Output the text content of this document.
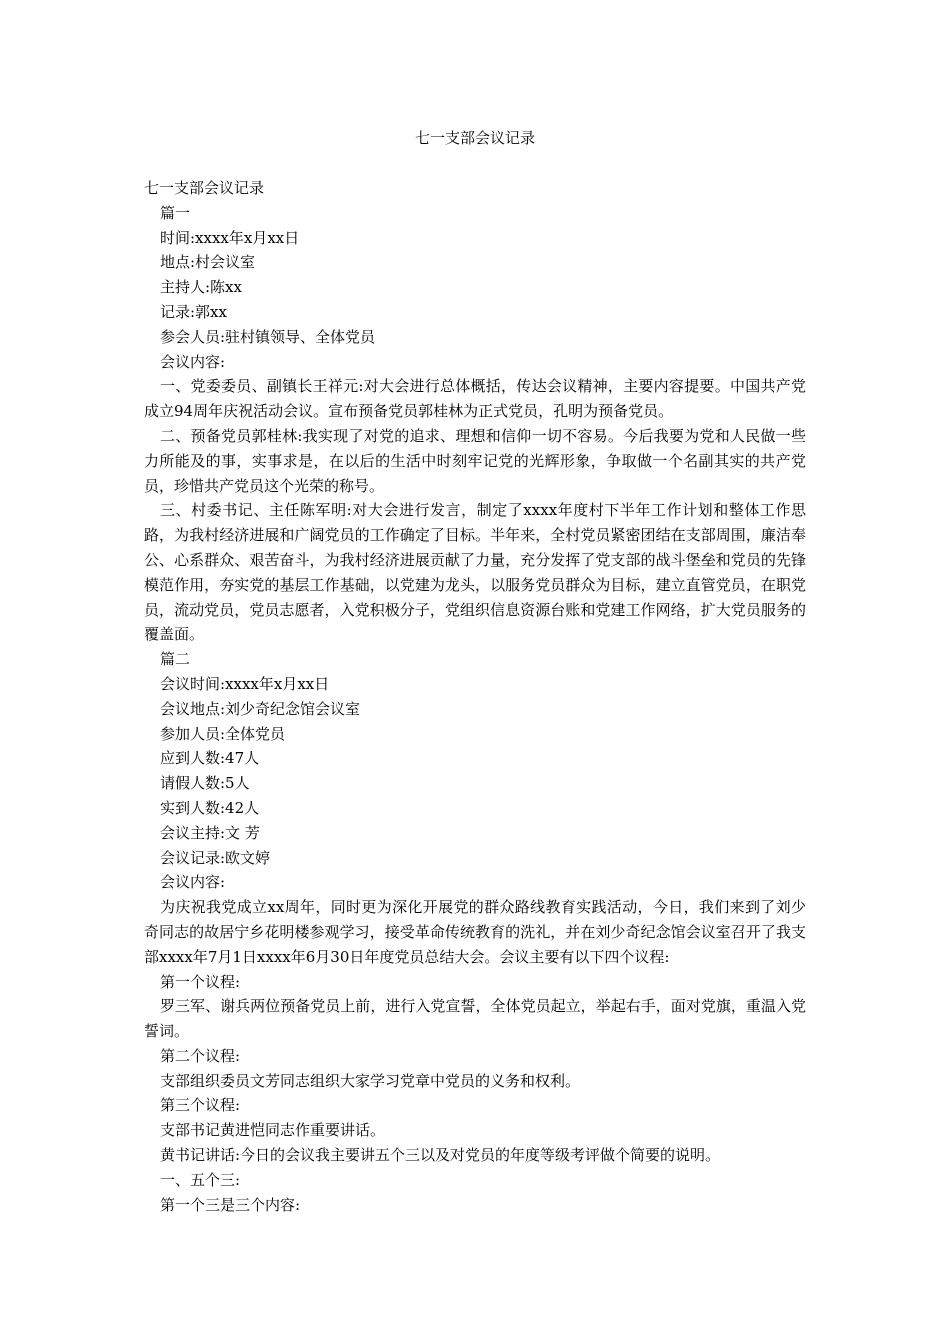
七一支部会议记录

七一支部会议记录

篇一

时间:xxxx年x月xx日

地点:村会议室

主持人:陈xx

记录:郭xx

参会人员:驻村镇领导、全体党员

会议内容:

一、党委委员、副镇长王祥元:对大会进行总体概括，传达会议精神，主要内容提要。中国共产党成立94周年庆祝活动会议。宣布预备党员郭桂林为正式党员，孔明为预备党员。

二、预备党员郭桂林:我实现了对党的追求、理想和信仰一切不容易。今后我要为党和人民做一些力所能及的事，实事求是，在以后的生活中时刻牢记党的光辉形象，争取做一个名副其实的共产党员，珍惜共产党员这个光荣的称号。

三、村委书记、主任陈军明:对大会进行发言，制定了xxxx年度村下半年工作计划和整体工作思路，为我村经济进展和广阔党员的工作确定了目标。半年来，全村党员紧密团结在支部周围，廉洁奉公、心系群众、艰苦奋斗，为我村经济进展贡献了力量，充分发挥了党支部的战斗堡垒和党员的先锋模范作用，夯实党的基层工作基础，以党建为龙头，以服务党员群众为目标，建立直管党员，在职党员，流动党员，党员志愿者，入党积极分子，党组织信息资源台账和党建工作网络，扩大党员服务的覆盖面。

篇二

会议时间:xxxx年x月xx日

会议地点:刘少奇纪念馆会议室

参加人员:全体党员

应到人数:47人

请假人数:5人

实到人数:42人

会议主持:文 芳

会议记录:欧文婷

会议内容:

为庆祝我党成立xx周年，同时更为深化开展党的群众路线教育实践活动，今日，我们来到了刘少奇同志的故居宁乡花明楼参观学习，接受革命传统教育的洗礼，并在刘少奇纪念馆会议室召开了我支部xxxx年7月1日xxxx年6月30日年度党员总结大会。会议主要有以下四个议程:

第一个议程:

罗三军、谢兵两位预备党员上前，进行入党宣誓，全体党员起立，举起右手，面对党旗，重温入党誓词。

第二个议程:

支部组织委员文芳同志组织大家学习党章中党员的义务和权利。

第三个议程:

支部书记黄进恺同志作重要讲话。

黄书记讲话:今日的会议我主要讲五个三以及对党员的年度等级考评做个简要的说明。

一、五个三:

第一个三是三个内容:
